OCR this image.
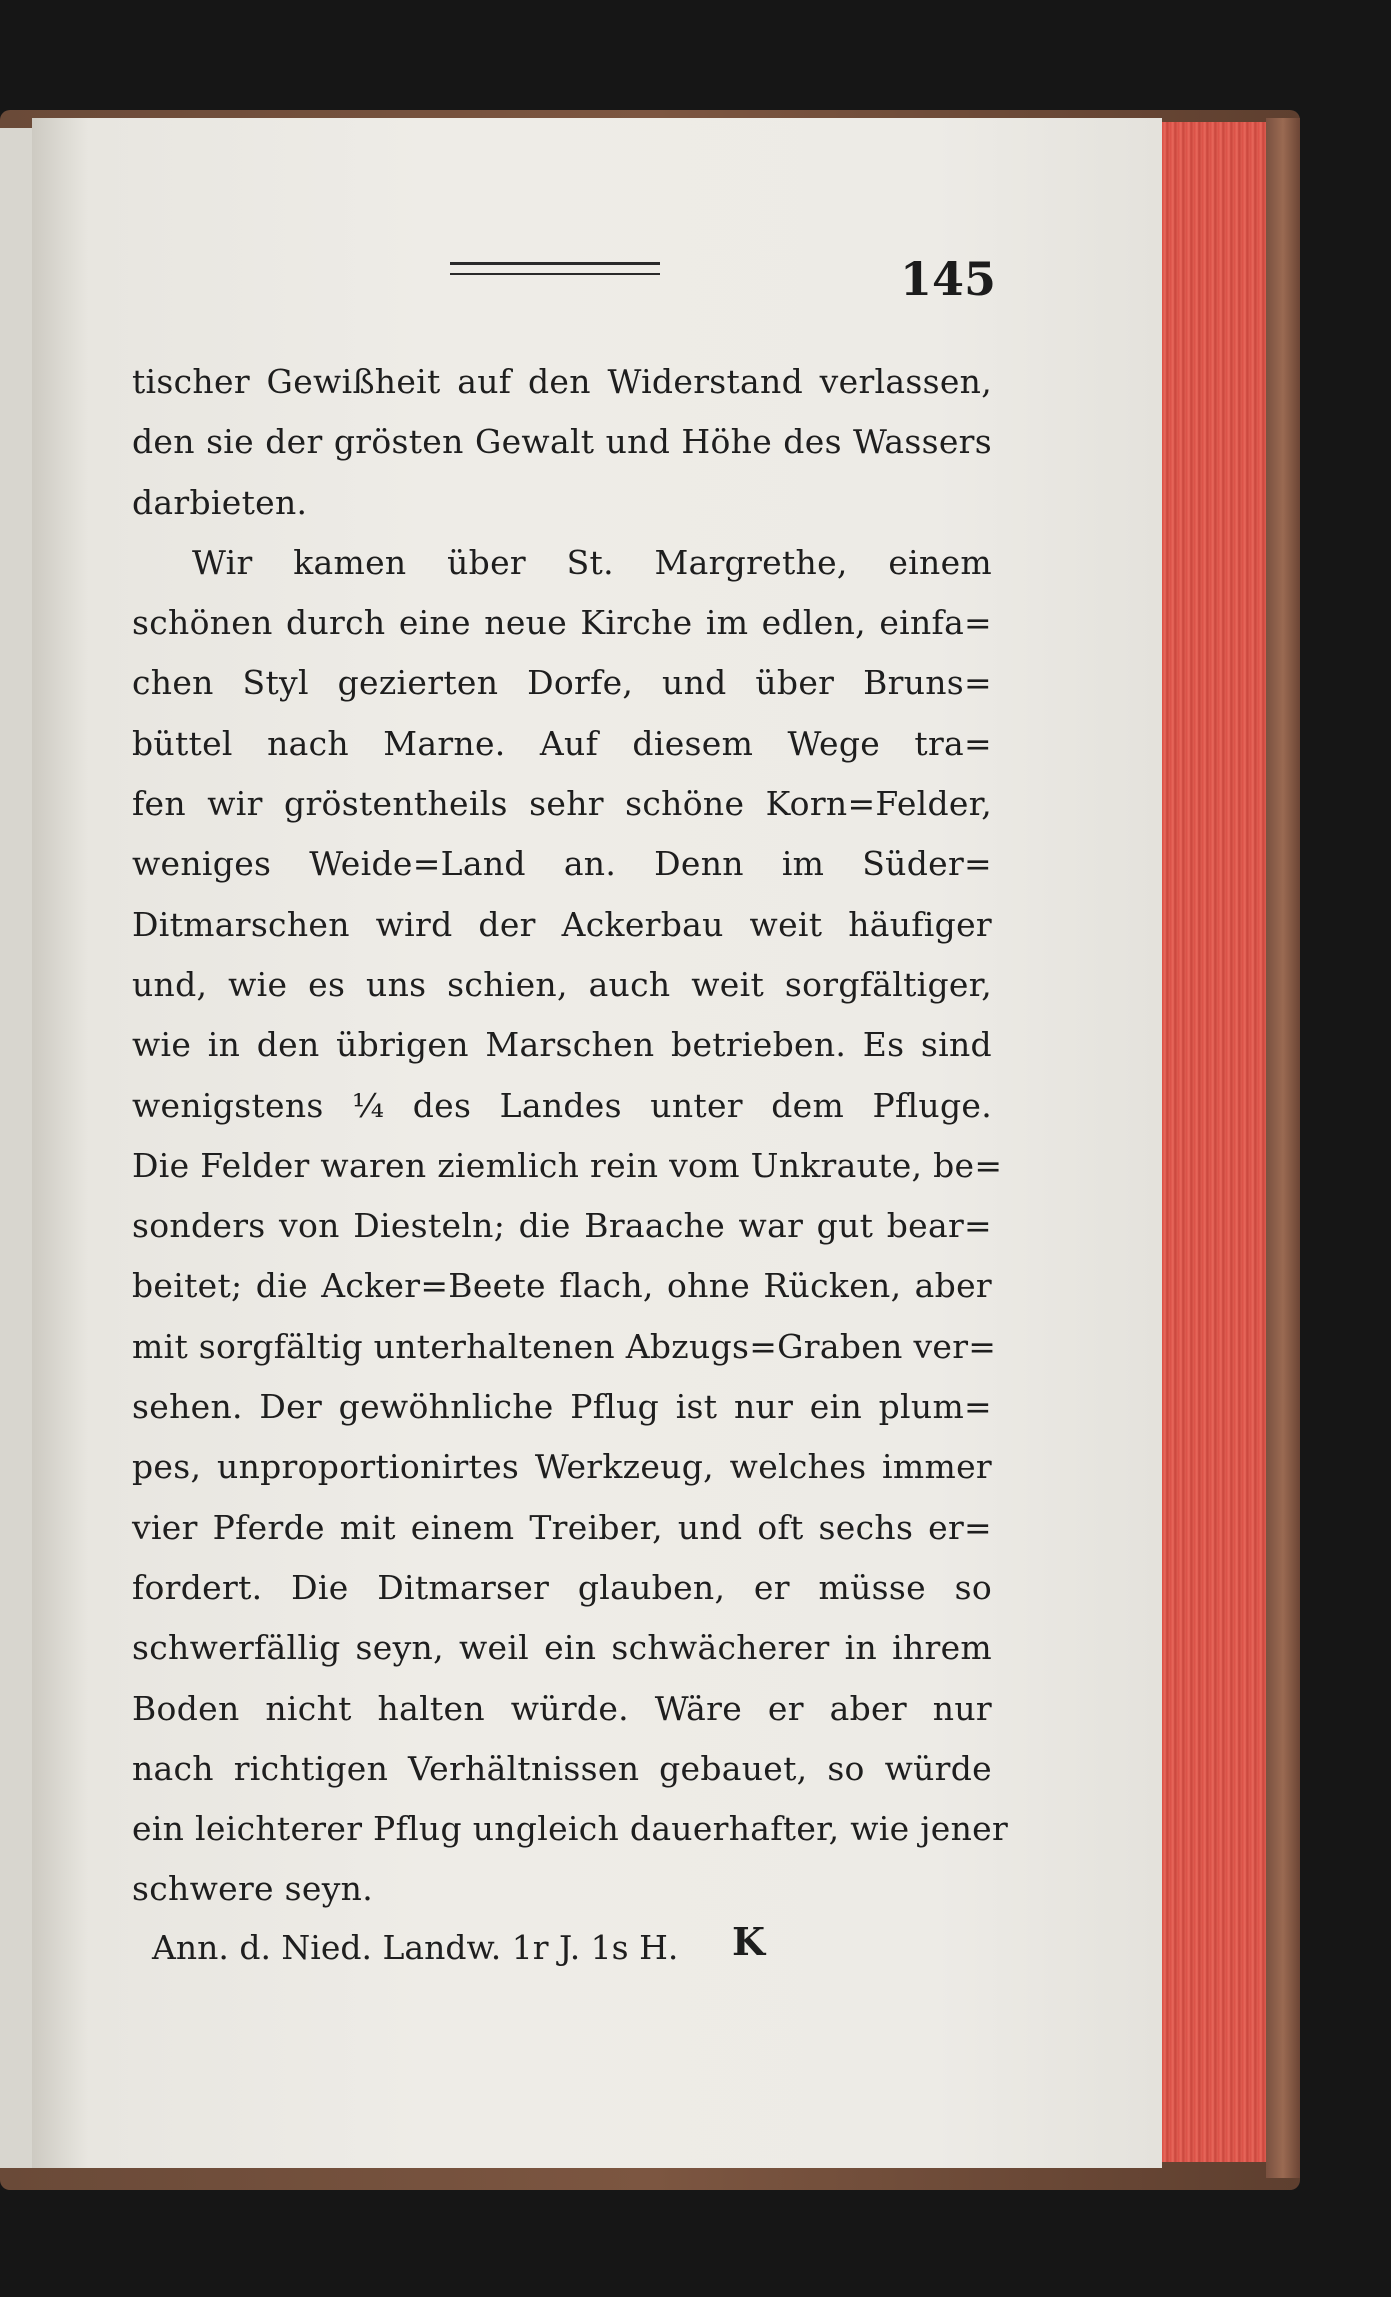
145

tischer Gewißheit auf den Widerstand verlassen,
den sie der grösten Gewalt und Höhe des Wassers
darbieten.
Wir kamen über St. Margrethe, einem
schönen durch eine neue Kirche im edlen, einfa=
chen Styl gezierten Dorfe, und über Bruns=
büttel nach Marne. Auf diesem Wege tra=
fen wir gröstentheils sehr schöne Korn=Felder,
weniges Weide=Land an. Denn im Süder=
Ditmarschen wird der Ackerbau weit häufiger
und, wie es uns schien, auch weit sorgfältiger,
wie in den übrigen Marschen betrieben. Es sind
wenigstens ¼ des Landes unter dem Pfluge.
Die Felder waren ziemlich rein vom Unkraute, be=
sonders von Diesteln; die Braache war gut bear=
beitet; die Acker=Beete flach, ohne Rücken, aber
mit sorgfältig unterhaltenen Abzugs=Graben ver=
sehen. Der gewöhnliche Pflug ist nur ein plum=
pes, unproportionirtes Werkzeug, welches immer
vier Pferde mit einem Treiber, und oft sechs er=
fordert. Die Ditmarser glauben, er müsse so
schwerfällig seyn, weil ein schwächerer in ihrem
Boden nicht halten würde. Wäre er aber nur
nach richtigen Verhältnissen gebauet, so würde
ein leichterer Pflug ungleich dauerhafter, wie jener
schwere seyn.
Ann. d. Nied. Landw. 1r J. 1s H.	K
